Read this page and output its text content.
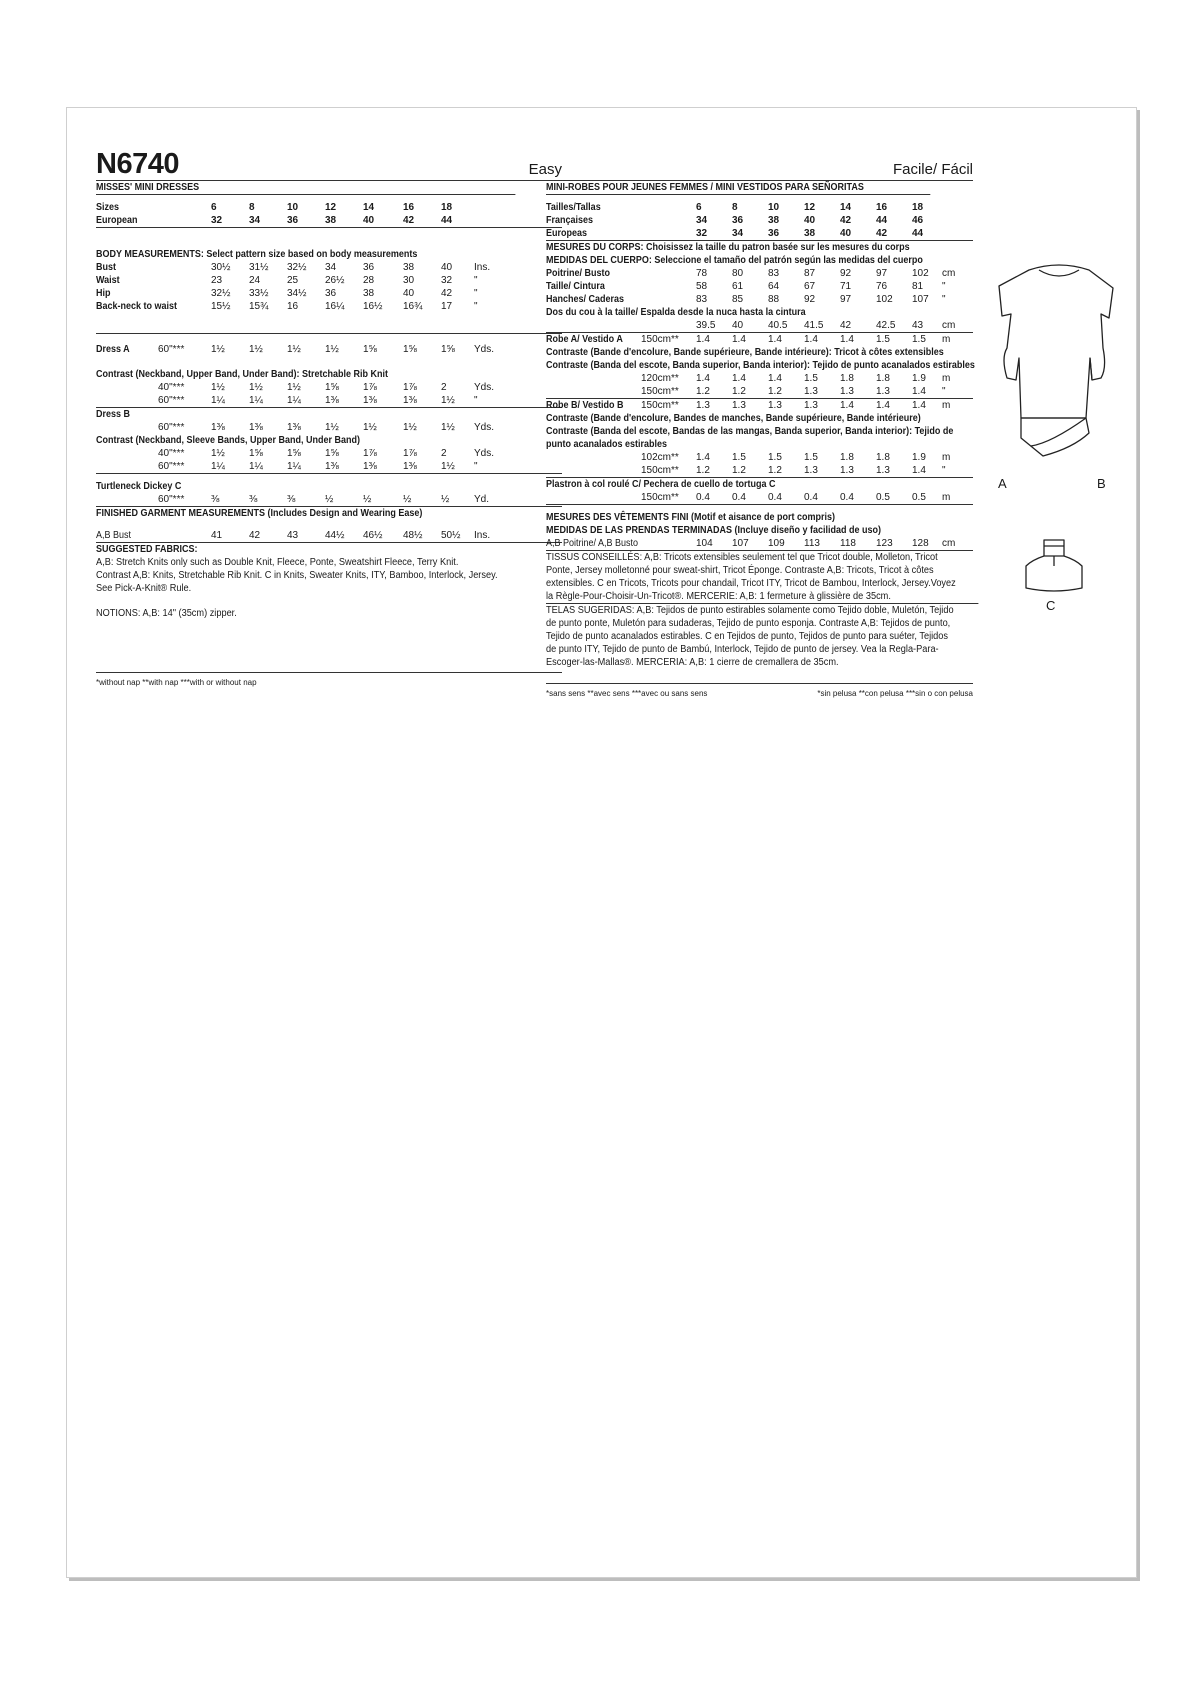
N6740	Easy
MISSES' MINI DRESSES
Sizes	6	8	10	12	14	16	18
European	32	34	36	38	40	42	44
BODY MEASUREMENTS: Select pattern size based on body measurements
Bust	30½ 31½ 32½ 34	36	38	40 Ins.
Waist	23	24	25	26½ 28	30	32 "
Hip	32½ 33½ 34½ 36	38	40	42 "
Back-neck to waist	15½ 15¾ 16	16¼ 16½ 16¾ 17 "
Dress A	60"***	1½ 1½ 1½ 1½ 1⅝	1⅝ 1⅝ Yds.
Contrast (Neckband, Upper Band, Under Band): Stretchable Rib Knit
40"***	1½ 1½ 1½ 1⅝ 1⅞	1⅞ 2	Yds.
60"***	1¼ 1¼ 1¼ 1⅜ 1⅜	1⅜ 1½ "
Dress B
60"***	1⅜ 1⅜ 1⅜ 1½ 1½	1½ 1½ Yds.
Contrast (Neckband, Sleeve Bands, Upper Band, Under Band)
40"***	1½ 1⅝ 1⅝ 1⅝ 1⅞	1⅞ 2	Yds.
60"***	1¼ 1¼ 1¼ 1⅜ 1⅜	1⅜ 1½ "
Turtleneck Dickey C
60"***	⅜	⅜	⅜	½	½	½	½ Yd.
FINISHED GARMENT MEASUREMENTS (Includes Design and Wearing Ease)
A,B Bust	41	42	43	44½ 46½ 48½ 50½ Ins.
SUGGESTED FABRICS:
A,B: Stretch Knits only such as Double Knit, Fleece, Ponte, Sweatshirt Fleece, Terry Knit.
Contrast A,B: Knits, Stretchable Rib Knit. C in Knits, Sweater Knits, ITY, Bamboo, Interlock, Jersey.
See Pick-A-Knit® Rule.
NOTIONS: A,B: 14" (35cm) zipper.
*without nap **with nap ***with or without nap
Facile/ Fácil
MINI-ROBES POUR JEUNES FEMMES / MINI VESTIDOS PARA SEÑORITAS
Tailles/Tallas	6	8	10 12 14 16 18
Françaises	34 36 38 40 42 44 46
Europeas	32 34 36 38 40 42 44
MESURES DU CORPS: Choisissez la taille du patron basée sur les mesures du corps
MEDIDAS DEL CUERPO: Seleccione el tamaño del patrón según las medidas del cuerpo
Poitrine/ Busto	78 80 83 87 92 97 102 cm
Taille/ Cintura	58 61 64 67 71 76 81 "
Hanches/ Caderas	83 85 88 92 97 102 107 "
Dos du cou à la taille/ Espalda desde la nuca hasta la cintura
39.5 40 40.5 41.5 42 42.5 43 cm
Robe A/ Vestido A 150cm** 1.4 1.4 1.4 1.4 1.4 1.5 1.5 m
Contraste (Bande d'encolure, Bande supérieure, Bande intérieure): Tricot à côtes extensibles
Contraste (Banda del escote, Banda superior, Banda interior): Tejido de punto acanalados estirables
120cm** 1.4 1.4 1.4 1.5 1.8 1.8 1.9 m
150cm** 1.2 1.2 1.2 1.3 1.3 1.3 1.4 "
Robe B/ Vestido B 150cm** 1.3 1.3 1.3 1.3 1.4 1.4 1.4 m
Contraste (Bande d'encolure, Bandes de manches, Bande supérieure, Bande intérieure)
Contraste (Banda del escote, Bandas de las mangas, Banda superior, Banda interior): Tejido de
punto acanalados estirables
102cm** 1.4 1.5 1.5 1.5 1.8 1.8 1.9 m
150cm** 1.2 1.2 1.2 1.3 1.3 1.3 1.4 "
Plastron à col roulé C/ Pechera de cuello de tortuga C
150cm** 0.4 0.4 0.4 0.4 0.4 0.5 0.5 m
MESURES DES VÊTEMENTS FINI (Motif et aisance de port compris)
MEDIDAS DE LAS PRENDAS TERMINADAS (Incluye diseño y facilidad de uso)
A,B Poitrine/ A,B Busto	104 107 109 113 118 123 128 cm
TISSUS CONSEILLÉS: A,B: Tricots extensibles seulement tel que Tricot double, Molleton, Tricot
Ponte, Jersey molletonné pour sweat-shirt, Tricot Éponge. Contraste A,B: Tricots, Tricot à côtes
extensibles. C en Tricots, Tricots pour chandail, Tricot ITY, Tricot de Bambou, Interlock, Jersey.Voyez
la Règle-Pour-Choisir-Un-Tricot®. MERCERIE: A,B: 1 fermeture à glissière de 35cm.
TELAS SUGERIDAS: A,B: Tejidos de punto estirables solamente como Tejido doble, Muletón, Tejido
de punto ponte, Muletón para sudaderas, Tejido de punto esponja. Contraste A,B: Tejidos de punto,
Tejido de punto acanalados estirables. C en Tejidos de punto, Tejidos de punto para suéter, Tejidos
de punto ITY, Tejido de punto de Bambú, Interlock, Tejido de punto de jersey. Vea la Regla-Para-
Escoger-las-Mallas®. MERCERIA: A,B: 1 cierre de cremallera de 35cm.
*sans sens **avec sens ***avec ou sans sens	*sin pelusa **con pelusa ***sin o con pelusa
A	B
C
